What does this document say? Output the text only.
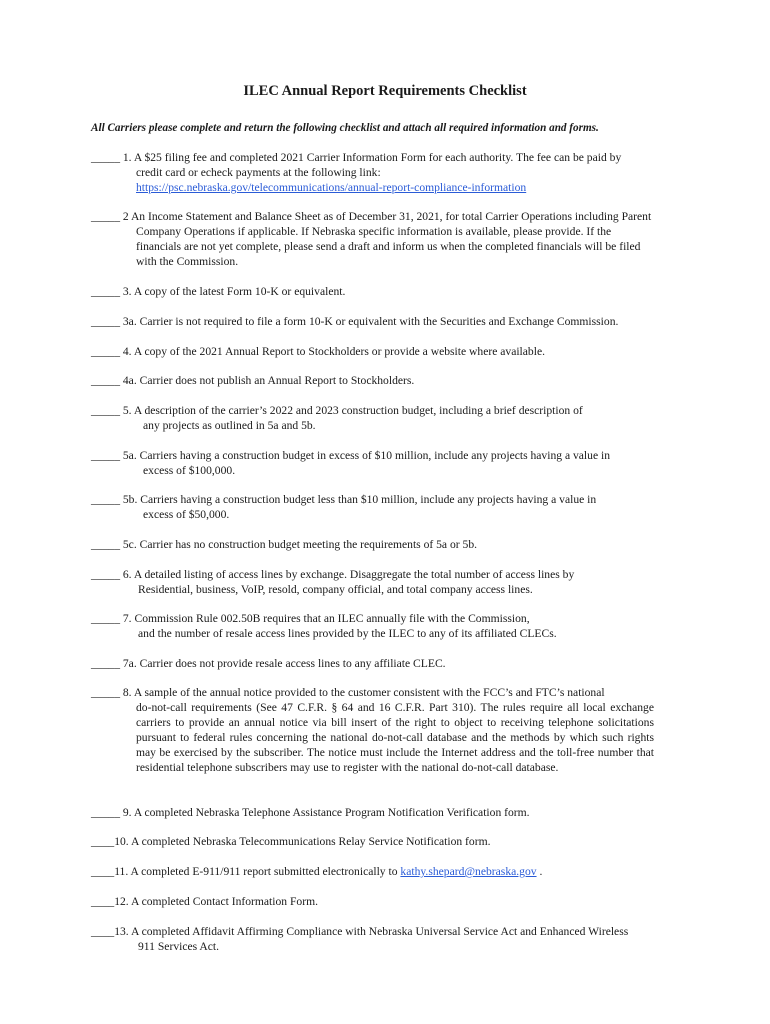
ILEC Annual Report Requirements Checklist
All Carriers please complete and return the following checklist and attach all required information and forms.
_____ 1. A $25 filing fee and completed 2021 Carrier Information Form for each authority. The fee can be paid by
credit card or echeck payments at the following link:
https://psc.nebraska.gov/telecommunications/annual-report-compliance-information
_____ 2 An Income Statement and Balance Sheet as of December 31, 2021, for total Carrier Operations including Parent
Company Operations if applicable. If Nebraska specific information is available, please provide. If the
financials are not yet complete, please send a draft and inform us when the completed financials will be filed
with the Commission.
_____ 3. A copy of the latest Form 10-K or equivalent.
_____ 3a. Carrier is not required to file a form 10-K or equivalent with the Securities and Exchange Commission.
_____ 4. A copy of the 2021 Annual Report to Stockholders or provide a website where available.
_____ 4a. Carrier does not publish an Annual Report to Stockholders.
_____ 5. A description of the carrier’s 2022 and 2023 construction budget, including a brief description of
any projects as outlined in 5a and 5b.
_____ 5a. Carriers having a construction budget in excess of $10 million, include any projects having a value in
excess of $100,000.
_____ 5b. Carriers having a construction budget less than $10 million, include any projects having a value in
excess of $50,000.
_____ 5c. Carrier has no construction budget meeting the requirements of 5a or 5b.
_____ 6. A detailed listing of access lines by exchange. Disaggregate the total number of access lines by
Residential, business, VoIP, resold, company official, and total company access lines.
_____ 7. Commission Rule 002.50B requires that an ILEC annually file with the Commission,
and the number of resale access lines provided by the ILEC to any of its affiliated CLECs.
_____ 7a. Carrier does not provide resale access lines to any affiliate CLEC.
_____ 8. A sample of the annual notice provided to the customer consistent with the FCC’s and FTC’s national
do-not-call requirements (See 47 C.F.R. § 64 and 16 C.F.R. Part 310). The rules require all local exchange carriers to provide an annual notice via bill insert of the right to object to receiving telephone solicitations pursuant to federal rules concerning the national do-not-call database and the methods by which such rights may be exercised by the subscriber. The notice must include the Internet address and the toll-free number that residential telephone subscribers may use to register with the national do-not-call database.
_____ 9. A completed Nebraska Telephone Assistance Program Notification Verification form.
____10. A completed Nebraska Telecommunications Relay Service Notification form.
____11. A completed E-911/911 report submitted electronically to kathy.shepard@nebraska.gov .
____12. A completed Contact Information Form.
____13. A completed Affidavit Affirming Compliance with Nebraska Universal Service Act and Enhanced Wireless
911 Services Act.
